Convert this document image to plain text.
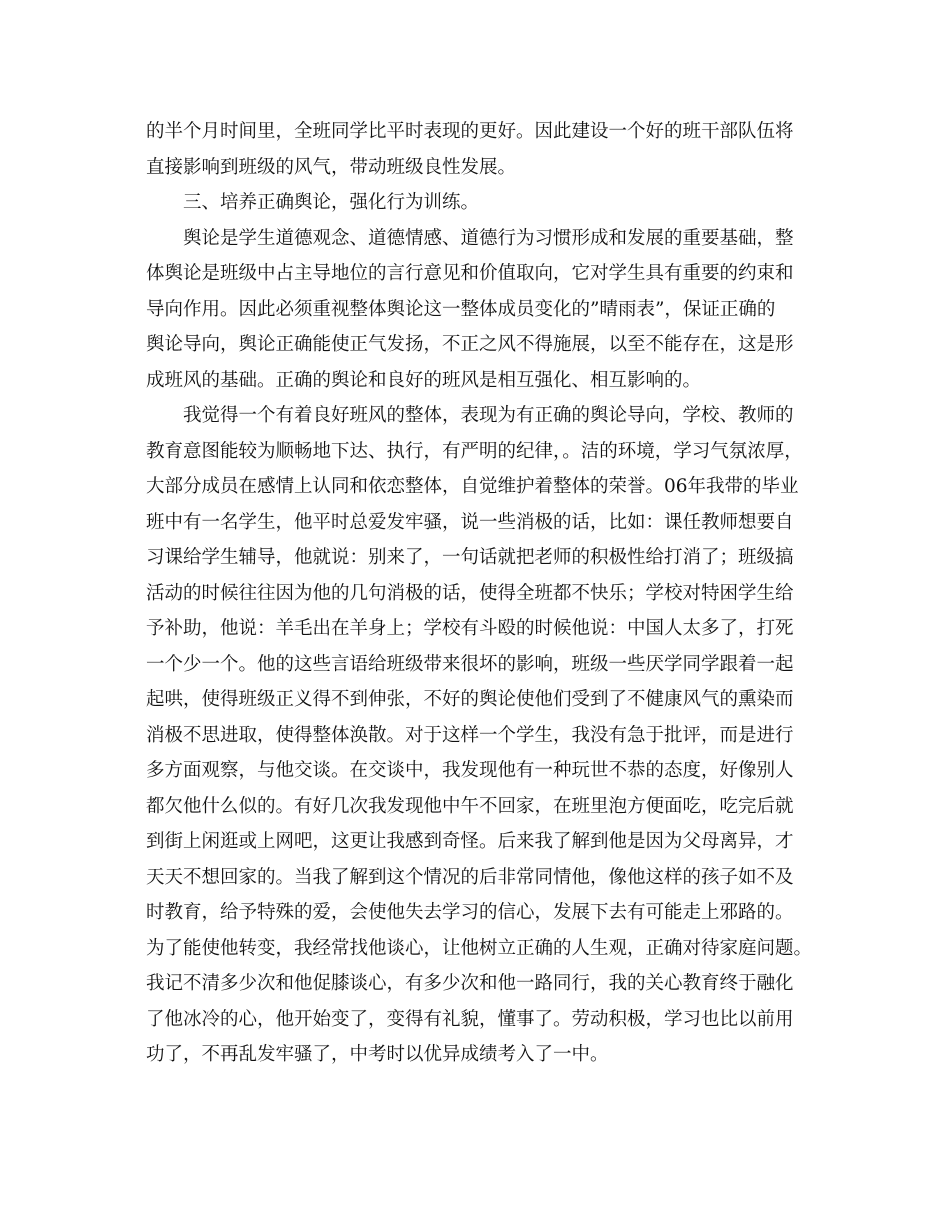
的半个月时间里，全班同学比平时表现的更好。因此建设一个好的班干部队伍将
直接影响到班级的风气，带动班级良性发展。
三、培养正确舆论，强化行为训练。
舆论是学生道德观念、道德情感、道德行为习惯形成和发展的重要基础，整
体舆论是班级中占主导地位的言行意见和价值取向，它对学生具有重要的约束和
导向作用。因此必须重视整体舆论这一整体成员变化的”晴雨表”，保证正确的
舆论导向，舆论正确能使正气发扬，不正之风不得施展，以至不能存在，这是形
成班风的基础。正确的舆论和良好的班风是相互强化、相互影响的。
我觉得一个有着良好班风的整体，表现为有正确的舆论导向，学校、教师的
教育意图能较为顺畅地下达、执行，有严明的纪律，。洁的环境，学习气氛浓厚，
大部分成员在感情上认同和依恋整体，自觉维护着整体的荣誉。06年我带的毕业
班中有一名学生，他平时总爱发牢骚，说一些消极的话，比如：课任教师想要自
习课给学生辅导，他就说：别来了，一句话就把老师的积极性给打消了；班级搞
活动的时候往往因为他的几句消极的话，使得全班都不快乐；学校对特困学生给
予补助，他说：羊毛出在羊身上；学校有斗殴的时候他说：中国人太多了，打死
一个少一个。他的这些言语给班级带来很坏的影响，班级一些厌学同学跟着一起
起哄，使得班级正义得不到伸张，不好的舆论使他们受到了不健康风气的熏染而
消极不思进取，使得整体涣散。对于这样一个学生，我没有急于批评，而是进行
多方面观察，与他交谈。在交谈中，我发现他有一种玩世不恭的态度，好像别人
都欠他什么似的。有好几次我发现他中午不回家，在班里泡方便面吃，吃完后就
到街上闲逛或上网吧，这更让我感到奇怪。后来我了解到他是因为父母离异，才
天天不想回家的。当我了解到这个情况的后非常同情他，像他这样的孩子如不及
时教育，给予特殊的爱，会使他失去学习的信心，发展下去有可能走上邪路的。
为了能使他转变，我经常找他谈心，让他树立正确的人生观，正确对待家庭问题。
我记不清多少次和他促膝谈心，有多少次和他一路同行，我的关心教育终于融化
了他冰冷的心，他开始变了，变得有礼貌，懂事了。劳动积极，学习也比以前用
功了，不再乱发牢骚了，中考时以优异成绩考入了一中。
